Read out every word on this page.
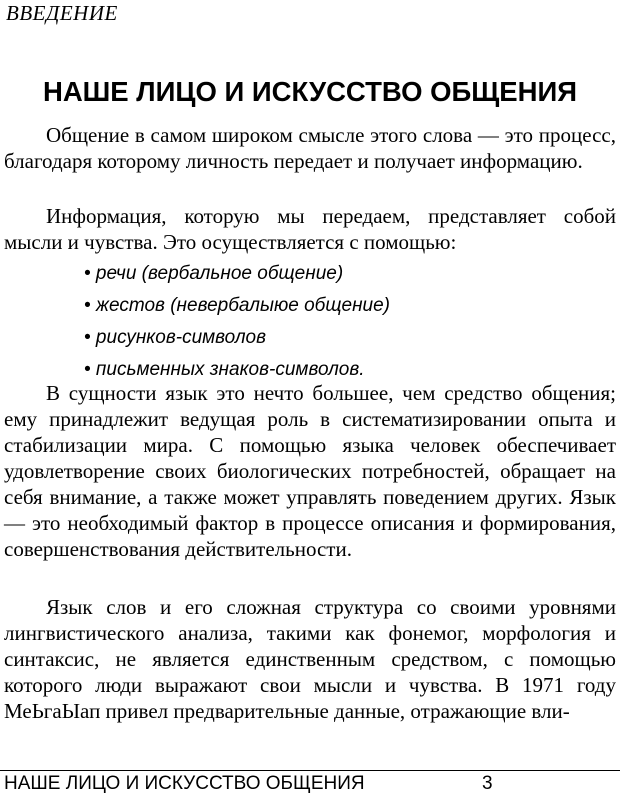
ВВЕДЕНИЕ
НАШЕ ЛИЦО И ИСКУССТВО ОБЩЕНИЯ

Общение в самом широком смысле этого слова — это процесс, благодаря которому личность передает и получает информацию.

Информация, которую мы передаем, представляет собой мысли и чувства. Это осуществляется с помощью:

• речи (вербальное общение)
• жестов (невербалыюе общение)
• рисунков-символов
• письменных знаков-символов.

В сущности язык это нечто большее, чем средство общения; ему принадлежит ведущая роль в систематизировании опыта и стабилизации мира. С помощью языка человек обеспечивает удовлетворение своих биологических потребностей, обращает на себя внимание, а также может управлять поведением других. Язык — это необходимый фактор в процессе описания и формирования, совершенствования действительности.

Язык слов и его сложная структура со своими уровнями лингвистического анализа, такими как фонемог, морфология и синтаксис, не является единственным средством, с помощью которого люди выражают свои мысли и чувства. В 1971 году МеЬгаЫап привел предварительные данные, отражающие вли-

НАШЕ ЛИЦО И ИСКУССТВО ОБЩЕНИЯ	3
